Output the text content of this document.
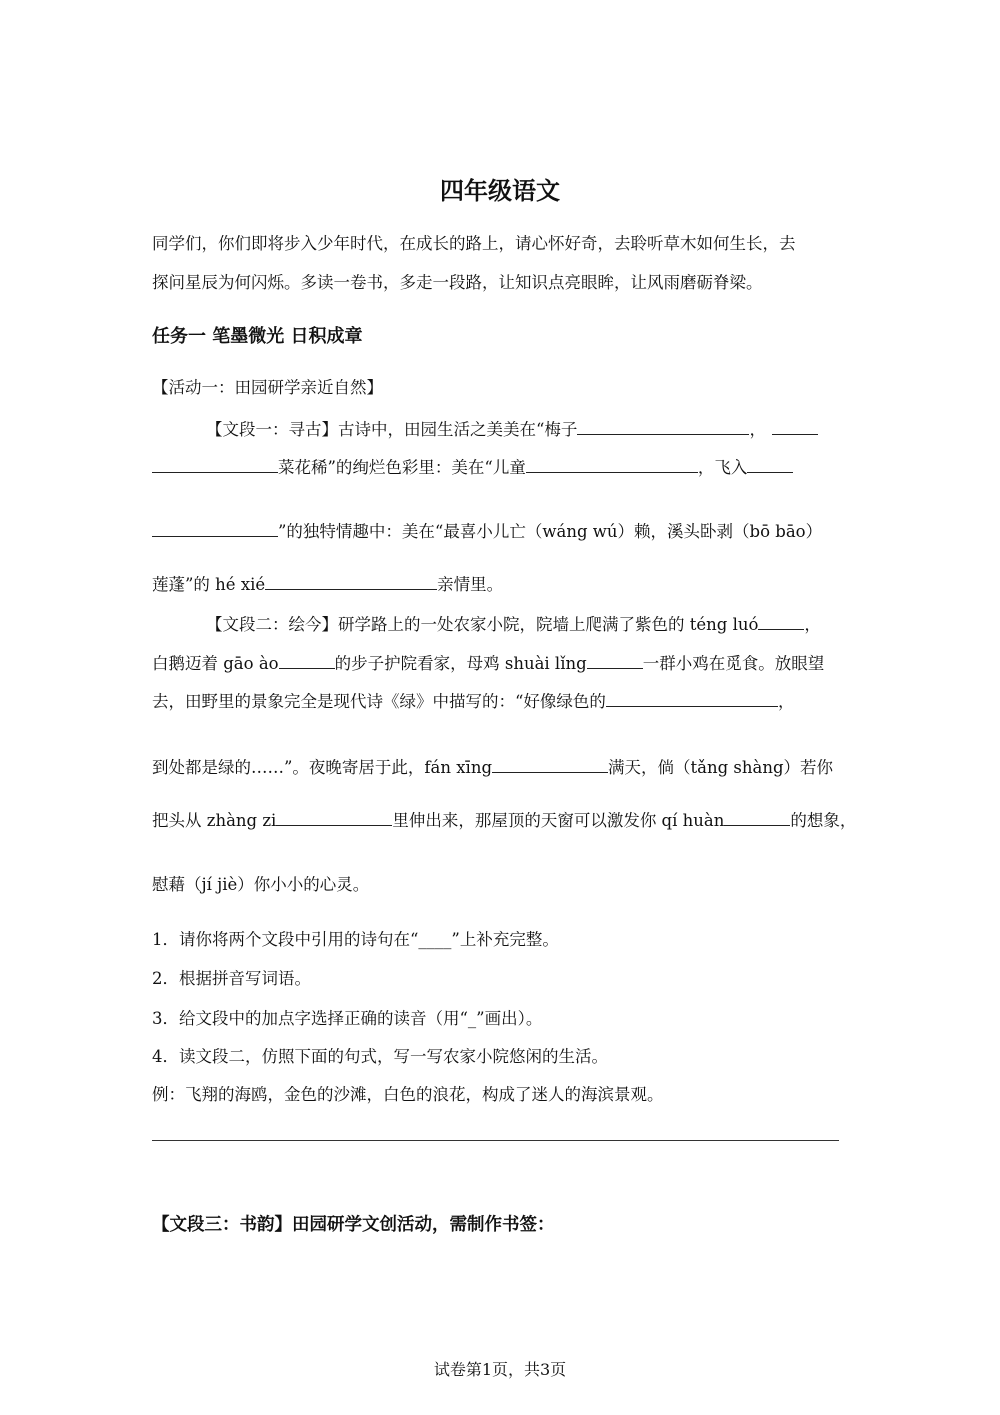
四年级语文
同学们，你们即将步入少年时代，在成长的路上，请心怀好奇，去聆听草木如何生长，去
探问星辰为何闪烁。多读一卷书，多走一段路，让知识点亮眼眸，让风雨磨砺脊梁。
任务一 笔墨微光 日积成章
【活动一：田园研学亲近自然】
【文段一：寻古】古诗中，田园生活之美美在“梅子	，
菜花稀”的绚烂色彩里：美在“儿童	，飞入
”的独特情趣中：美在“最喜小儿亡（wáng wú）赖，溪头卧剥（bō bāo）
莲蓬”的 hé xié	亲情里。
【文段二：绘今】研学路上的一处农家小院，院墙上爬满了紫色的 téng luó	，
白鹅迈着 gāo ào	的步子护院看家，母鸡 shuài lǐng	一群小鸡在觅食。放眼望
去，田野里的景象完全是现代诗《绿》中描写的：“好像绿色的	，
到处都是绿的……”。夜晚寄居于此，fán xīng	满天，倘（tǎng shàng）若你
把头从 zhàng zi	里伸出来，那屋顶的天窗可以激发你 qí huàn	的想象，
慰藉（jí jiè）你小小的心灵。
1．请你将两个文段中引用的诗句在“____”上补充完整。
2．根据拼音写词语。
3．给文段中的加点字选择正确的读音（用“_”画出）。
4．读文段二，仿照下面的句式，写一写农家小院悠闲的生活。
例：飞翔的海鸥，金色的沙滩，白色的浪花，构成了迷人的海滨景观。
【文段三：书韵】田园研学文创活动，需制作书签：
试卷第1页，共3页
